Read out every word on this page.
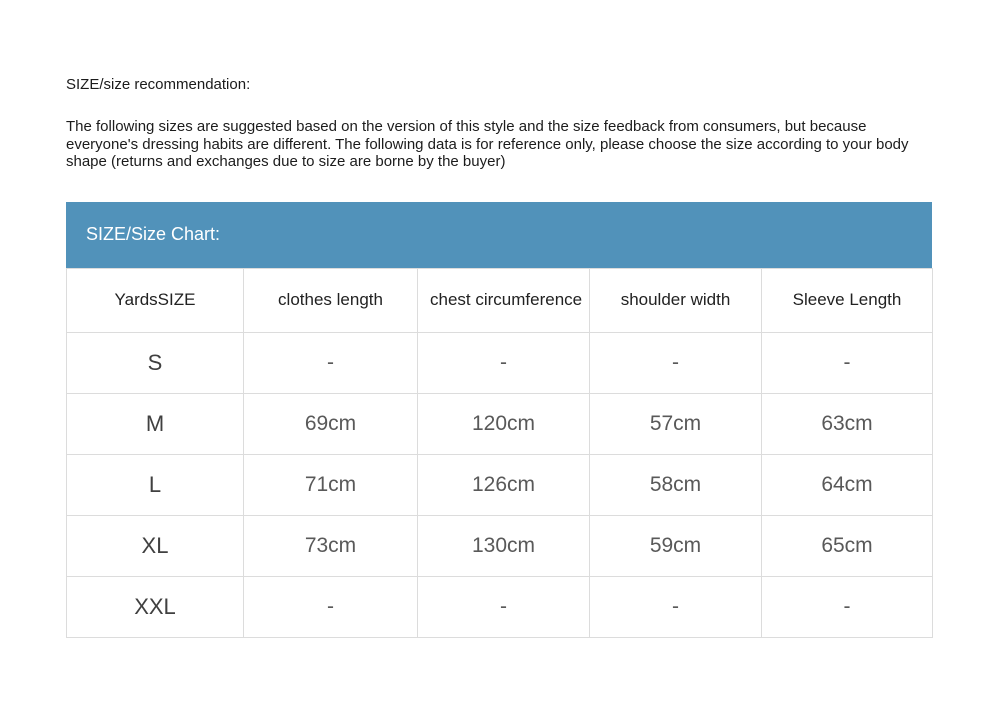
SIZE/size recommendation:

The following sizes are suggested based on the version of this style and the size feedback from consumers, but because everyone's dressing habits are different. The following data is for reference only, please choose the size according to your body shape (returns and exchanges due to size are borne by the buyer)

SIZE/Size Chart:
YardsSIZE	clothes length	chest circumference	shoulder width	Sleeve Length
S	-	-	-	-
M	69cm	120cm	57cm	63cm
L	71cm	126cm	58cm	64cm
XL	73cm	130cm	59cm	65cm
XXL	-	-	-	-
